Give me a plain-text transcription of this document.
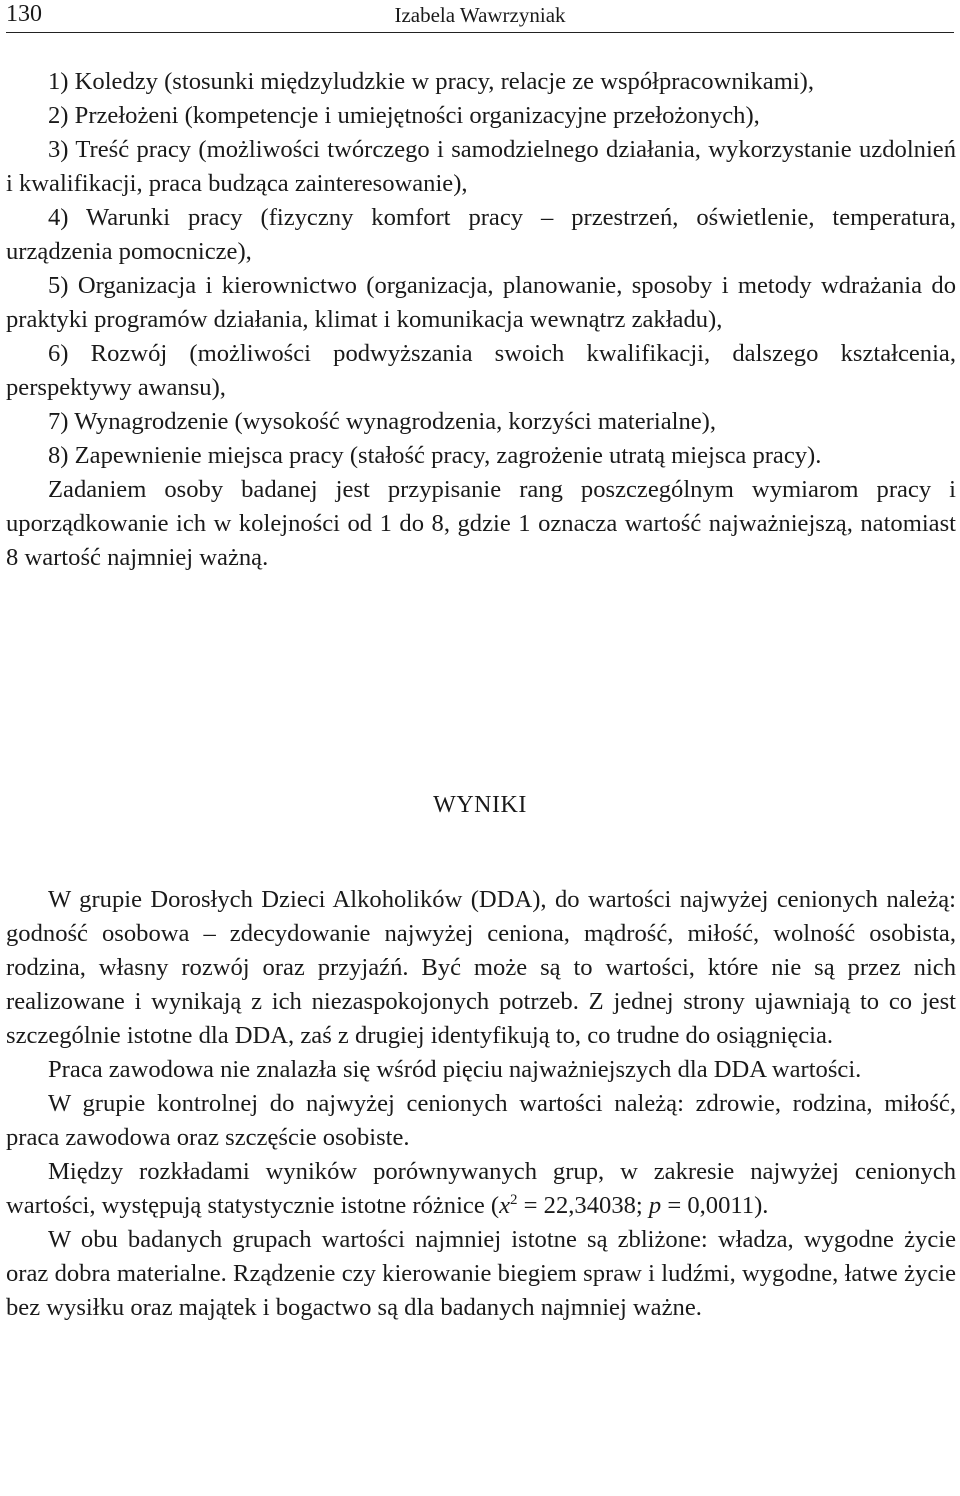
130	Izabela Wawrzyniak

1) Koledzy (stosunki międzyludzkie w pracy, relacje ze współpracownikami),

2) Przełożeni (kompetencje i umiejętności organizacyjne przełożonych),

3) Treść pracy (możliwości twórczego i samodzielnego działania, wykorzystanie uzdolnień i kwalifikacji, praca budząca zainteresowanie),

4) Warunki pracy (fizyczny komfort pracy – przestrzeń, oświetlenie, temperatura, urządzenia pomocnicze),

5) Organizacja i kierownictwo (organizacja, planowanie, sposoby i metody wdrażania do praktyki programów działania, klimat i komunikacja wewnątrz zakładu),

6) Rozwój (możliwości podwyższania swoich kwalifikacji, dalszego kształcenia, perspektywy awansu),

7) Wynagrodzenie (wysokość wynagrodzenia, korzyści materialne),

8) Zapewnienie miejsca pracy (stałość pracy, zagrożenie utratą miejsca pracy).

Zadaniem osoby badanej jest przypisanie rang poszczególnym wymiarom pracy i uporządkowanie ich w kolejności od 1 do 8, gdzie 1 oznacza wartość najważniejszą, natomiast 8 wartość najmniej ważną.

WYNIKI

W grupie Dorosłych Dzieci Alkoholików (DDA), do wartości najwyżej cenionych należą: godność osobowa – zdecydowanie najwyżej ceniona, mądrość, miłość, wolność osobista, rodzina, własny rozwój oraz przyjaźń. Być może są to wartości, które nie są przez nich realizowane i wynikają z ich niezaspokojonych potrzeb. Z jednej strony ujawniają to co jest szczególnie istotne dla DDA, zaś z drugiej identyfikują to, co trudne do osiągnięcia.

Praca zawodowa nie znalazła się wśród pięciu najważniejszych dla DDA wartości.

W grupie kontrolnej do najwyżej cenionych wartości należą: zdrowie, rodzina, miłość, praca zawodowa oraz szczęście osobiste.

Między rozkładami wyników porównywanych grup, w zakresie najwyżej cenionych wartości, występują statystycznie istotne różnice ($x^2 = 22,34038$; p = 0,0011).

W obu badanych grupach wartości najmniej istotne są zbliżone: władza, wygodne życie oraz dobra materialne. Rządzenie czy kierowanie biegiem spraw i ludźmi, wygodne, łatwe życie bez wysiłku oraz majątek i bogactwo są dla badanych najmniej ważne.
